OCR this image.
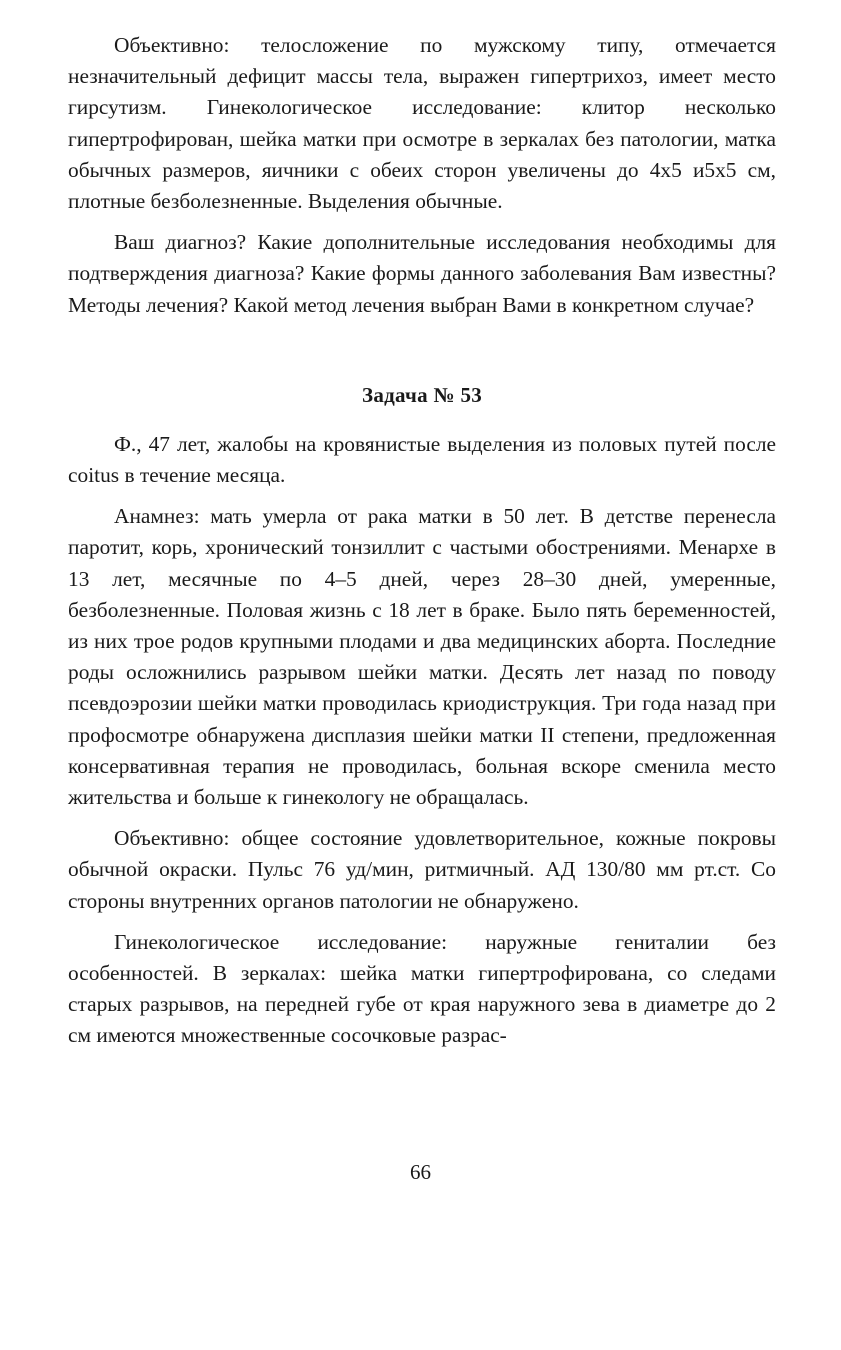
Объективно: телосложение по мужскому типу, отмечается незначительный дефицит массы тела, выражен гипертрихоз, имеет место гирсутизм. Гинекологическое исследование: клитор несколько гипертрофирован, шейка матки при осмотре в зеркалах без патологии, матка обычных размеров, яичники с обеих сторон увеличены до 4х5 и5х5 см, плотные безболезненные. Выделения обычные.

Ваш диагноз? Какие дополнительные исследования необходимы для подтверждения диагноза? Какие формы данного заболевания Вам известны? Методы лечения? Какой метод лечения выбран Вами в конкретном случае?

Задача № 53

Ф., 47 лет, жалобы на кровянистые выделения из половых путей после coitus в течение месяца.

Анамнез: мать умерла от рака матки в 50 лет. В детстве перенесла паротит, корь, хронический тонзиллит с частыми обострениями. Менархе в 13 лет, месячные по 4–5 дней, через 28–30 дней, умеренные, безболезненные. Половая жизнь с 18 лет в браке. Было пять беременностей, из них трое родов крупными плодами и два медицинских аборта. Последние роды осложнились разрывом шейки матки. Десять лет назад по поводу псевдоэрозии шейки матки проводилась криодиструкция. Три года назад при профосмотре обнаружена дисплазия шейки матки II степени, предложенная консервативная терапия не проводилась, больная вскоре сменила место жительства и больше к гинекологу не обращалась.

Объективно: общее состояние удовлетворительное, кожные покровы обычной окраски. Пульс 76 уд/мин, ритмичный. АД 130/80 мм рт.ст. Со стороны внутренних органов патологии не обнаружено.

Гинекологическое исследование: наружные гениталии без особенностей. В зеркалах: шейка матки гипертрофирована, со следами старых разрывов, на передней губе от края наружного зева в диаметре до 2 см имеются множественные сосочковые разрас-

66
